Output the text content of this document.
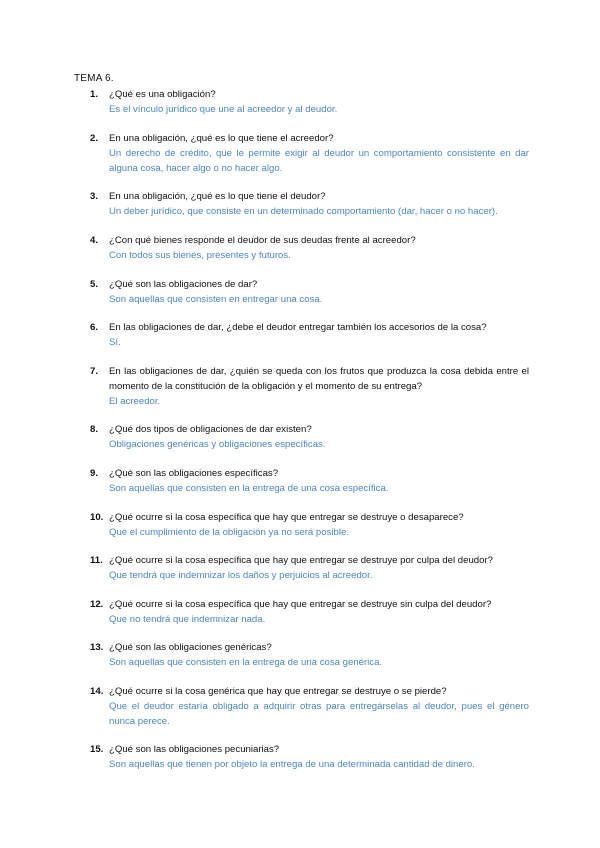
TEMA 6.
1.	¿Qué es una obligación?
Es el vínculo jurídico que une al acreedor y al deudor.
2.	En una obligación, ¿qué es lo que tiene el acreedor?
Un derecho de crédito, que le permite exigir al deudor un comportamiento consistente en dar alguna cosa, hacer algo o no hacer algo.
3.	En una obligación, ¿qué es lo que tiene el deudor?
Un deber jurídico, que consiste en un determinado comportamiento (dar, hacer o no hacer).
4.	¿Con qué bienes responde el deudor de sus deudas frente al acreedor?
Con todos sus bienes, presentes y futuros.
5.	¿Qué son las obligaciones de dar?
Son aquellas que consisten en entregar una cosa.
6.	En las obligaciones de dar, ¿debe el deudor entregar también los accesorios de la cosa?
Sí.
7.	En las obligaciones de dar, ¿quién se queda con los frutos que produzca la cosa debida entre el momento de la constitución de la obligación y el momento de su entrega?
El acreedor.
8.	¿Qué dos tipos de obligaciones de dar existen?
Obligaciones genéricas y obligaciones específicas.
9.	¿Qué son las obligaciones específicas?
Son aquellas que consisten en la entrega de una cosa específica.
10. ¿Qué ocurre si la cosa específica que hay que entregar se destruye o desaparece?
Que el cumplimiento de la obligación ya no será posible.
11. ¿Qué ocurre si la cosa específica que hay que entregar se destruye por culpa del deudor?
Que tendrá que indemnizar los daños y perjuicios al acreedor.
12. ¿Qué ocurre si la cosa específica que hay que entregar se destruye sin culpa del deudor?
Que no tendrá que indemnizar nada.
13. ¿Qué son las obligaciones genéricas?
Son aquellas que consisten en la entrega de una cosa genérica.
14. ¿Qué ocurre si la cosa genérica que hay que entregar se destruye o se pierde?
Que el deudor estaría obligado a adquirir otras para entregárselas al deudor, pues el género nunca perece.
15. ¿Qué son las obligaciones pecuniarias?
Son aquellas que tienen por objeto la entrega de una determinada cantidad de dinero.
